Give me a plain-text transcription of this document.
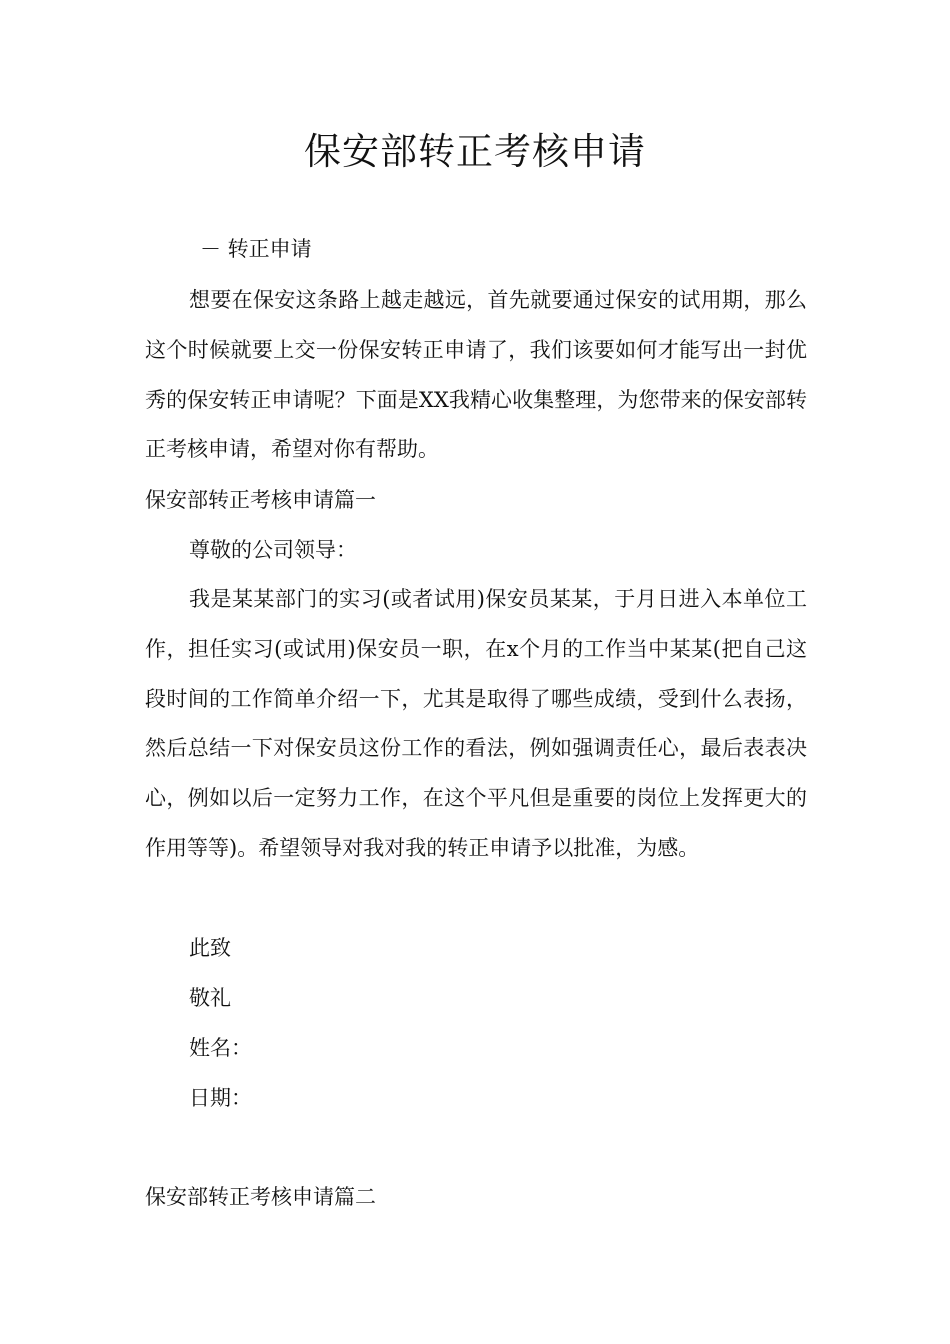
保安部转正考核申请

－ 转正申请

想要在保安这条路上越走越远，首先就要通过保安的试用期，那么这个时候就要上交一份保安转正申请了，我们该要如何才能写出一封优秀的保安转正申请呢？下面是XX我精心收集整理，为您带来的保安部转正考核申请，希望对你有帮助。

保安部转正考核申请篇一

尊敬的公司领导：

我是某某部门的实习(或者试用)保安员某某，于月日进入本单位工作，担任实习(或试用)保安员一职，在x个月的工作当中某某(把自己这段时间的工作简单介绍一下，尤其是取得了哪些成绩，受到什么表扬，然后总结一下对保安员这份工作的看法，例如强调责任心，最后表表决心，例如以后一定努力工作，在这个平凡但是重要的岗位上发挥更大的作用等等)。希望领导对我对我的转正申请予以批准，为感。

此致

敬礼

姓名：

日期：

保安部转正考核申请篇二
